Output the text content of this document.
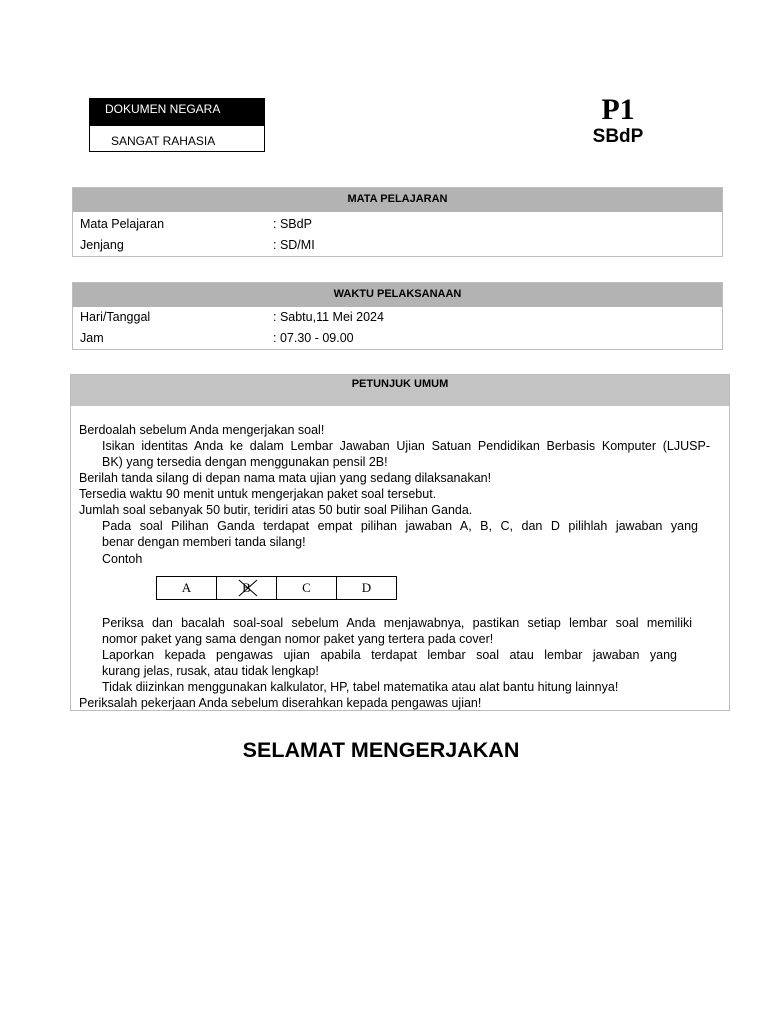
DOKUMEN NEGARA
SANGAT RAHASIA
P1
SBdP
MATA PELAJARAN
Mata Pelajaran	: SBdP
Jenjang	: SD/MI
WAKTU PELAKSANAAN
Hari/Tanggal	: Sabtu,11 Mei 2024
Jam	: 07.30 - 09.00
PETUNJUK UMUM
Berdoalah sebelum Anda mengerjakan soal!
Isikan identitas Anda ke dalam Lembar Jawaban Ujian Satuan Pendidikan Berbasis Komputer (LJUSP-
BK) yang tersedia dengan menggunakan pensil 2B!
Berilah tanda silang di depan nama mata ujian yang sedang dilaksanakan!
Tersedia waktu 90 menit untuk mengerjakan paket soal tersebut.
Jumlah soal sebanyak 50 butir, teridiri atas 50 butir soal Pilihan Ganda.
Pada soal Pilihan Ganda terdapat empat pilihan jawaban A, B, C, dan D pilihlah jawaban yang
benar dengan memberi tanda silang!
Contoh
Periksa dan bacalah soal-soal sebelum Anda menjawabnya, pastikan setiap lembar soal memiliki
nomor paket yang sama dengan nomor paket yang tertera pada cover!
Laporkan kepada pengawas ujian apabila terdapat lembar soal atau lembar jawaban yang
kurang jelas, rusak, atau tidak lengkap!
Tidak diizinkan menggunakan kalkulator, HP, tabel matematika atau alat bantu hitung lainnya!
Periksalah pekerjaan Anda sebelum diserahkan kepada pengawas ujian!
A	B	C	D
SELAMAT MENGERJAKAN
